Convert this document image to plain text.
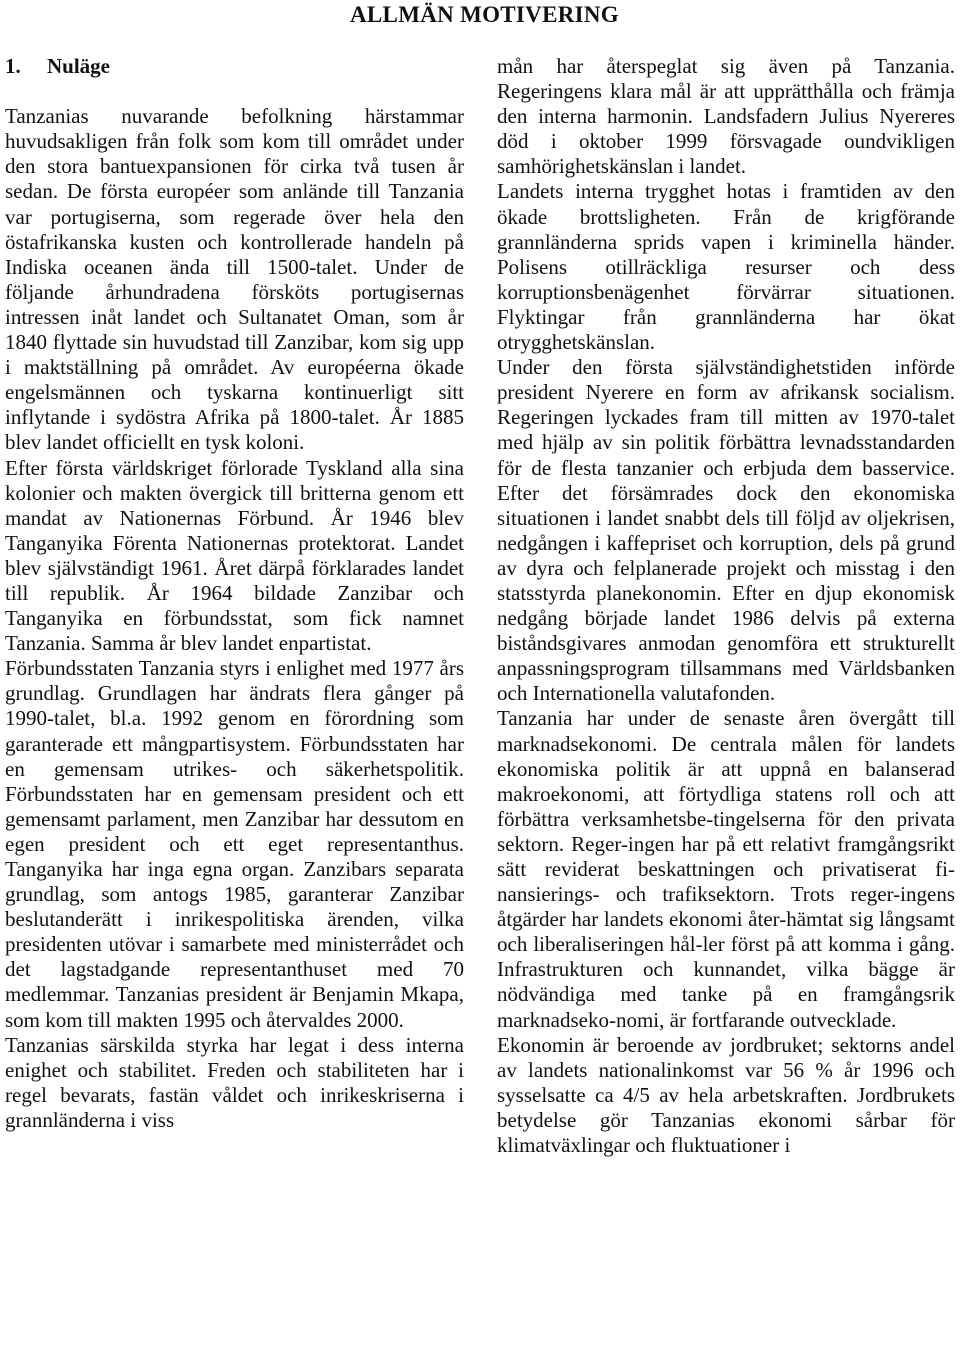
ALLMÄN MOTIVERING
1. Nuläge

Tanzanias nuvarande befolkning härstammar huvudsakligen från folk som kom till området under den stora bantuexpansionen för cirka två tusen år sedan. De första européer som anlände till Tanzania var portugiserna, som regerade över hela den östafrikanska kusten och kontrollerade handeln på Indiska oceanen ända till 1500-talet. Under de följande århundradena försköts portugisernas intressen inåt landet och Sultanatet Oman, som år 1840 flyttade sin huvudstad till Zanzibar, kom sig upp i maktställning på området. Av européerna ökade engelsmännen och tyskarna kontinuerligt sitt inflytande i sydöstra Afrika på 1800-talet. År 1885 blev landet officiellt en tysk koloni.

Efter första världskriget förlorade Tyskland alla sina kolonier och makten övergick till britterna genom ett mandat av Nationernas Förbund. År 1946 blev Tanganyika Förenta Nationernas protektorat. Landet blev självständigt 1961. Året därpå förklarades landet till republik. År 1964 bildade Zanzibar och Tanganyika en förbundsstat, som fick namnet Tanzania. Samma år blev landet enpartistat.

Förbundsstaten Tanzania styrs i enlighet med 1977 års grundlag. Grundlagen har ändrats flera gånger på 1990-talet, bl.a. 1992 genom en förordning som garanterade ett mångpartisystem. Förbundsstaten har en gemensam utrikes- och säkerhetspolitik. Förbundsstaten har en gemensam president och ett gemensamt parlament, men Zanzibar har dessutom en egen president och ett eget representanthus. Tanganyika har inga egna organ. Zanzibars separata grundlag, som antogs 1985, garanterar Zanzibar beslutanderätt i inrikespolitiska ärenden, vilka presidenten utövar i samarbete med ministerrådet och det lagstadgande representanthuset med 70 medlemmar. Tanzanias president är Benjamin Mkapa, som kom till makten 1995 och återvaldes 2000.

Tanzanias särskilda styrka har legat i dess interna enighet och stabilitet. Freden och stabiliteten har i regel bevarats, fastän våldet och inrikeskriserna i grannländerna i viss

mån har återspeglat sig även på Tanzania. Regeringens klara mål är att upprätthålla och främja den interna harmonin. Landsfadern Julius Nyereres död i oktober 1999 försvagade oundvikligen samhörighetskänslan i landet.

Landets interna trygghet hotas i framtiden av den ökade brottsligheten. Från de krigförande grannländerna sprids vapen i kriminella händer. Polisens otillräckliga resurser och dess korruptionsbenägenhet förvärrar situationen. Flyktingar från grannländerna har ökat otrygghetskänslan.

Under den första självständighetstiden införde president Nyerere en form av afrikansk socialism. Regeringen lyckades fram till mitten av 1970-talet med hjälp av sin politik förbättra levnadsstandarden för de flesta tanzanier och erbjuda dem basservice. Efter det försämrades dock den ekonomiska situationen i landet snabbt dels till följd av oljekrisen, nedgången i kaffepriset och korruption, dels på grund av dyra och felplanerade projekt och misstag i den statsstyrda planekonomin. Efter en djup ekonomisk nedgång började landet 1986 delvis på externa biståndsgivares anmodan genomföra ett strukturellt anpassningsprogram tillsammans med Världsbanken och Internationella valutafonden.

Tanzania har under de senaste åren övergått till marknadsekonomi. De centrala målen för landets ekonomiska politik är att uppnå en balanserad makroekonomi, att förtydliga statens roll och att förbättra verksamhetsbe-tingelserna för den privata sektorn. Reger-ingen har på ett relativt framgångsrikt sätt reviderat beskattningen och privatiserat fi-nansierings- och trafiksektorn. Trots reger-ingens åtgärder har landets ekonomi åter-hämtat sig långsamt och liberaliseringen hål-ler först på att komma i gång. Infrastrukturen och kunnandet, vilka bägge är nödvändiga med tanke på en framgångsrik marknadseko-nomi, är fortfarande outvecklade.

Ekonomin är beroende av jordbruket; sektorns andel av landets nationalinkomst var 56 % år 1996 och sysselsatte ca 4/5 av hela arbetskraften. Jordbrukets betydelse gör Tanzanias ekonomi sårbar för klimatväxlingar och fluktuationer i
